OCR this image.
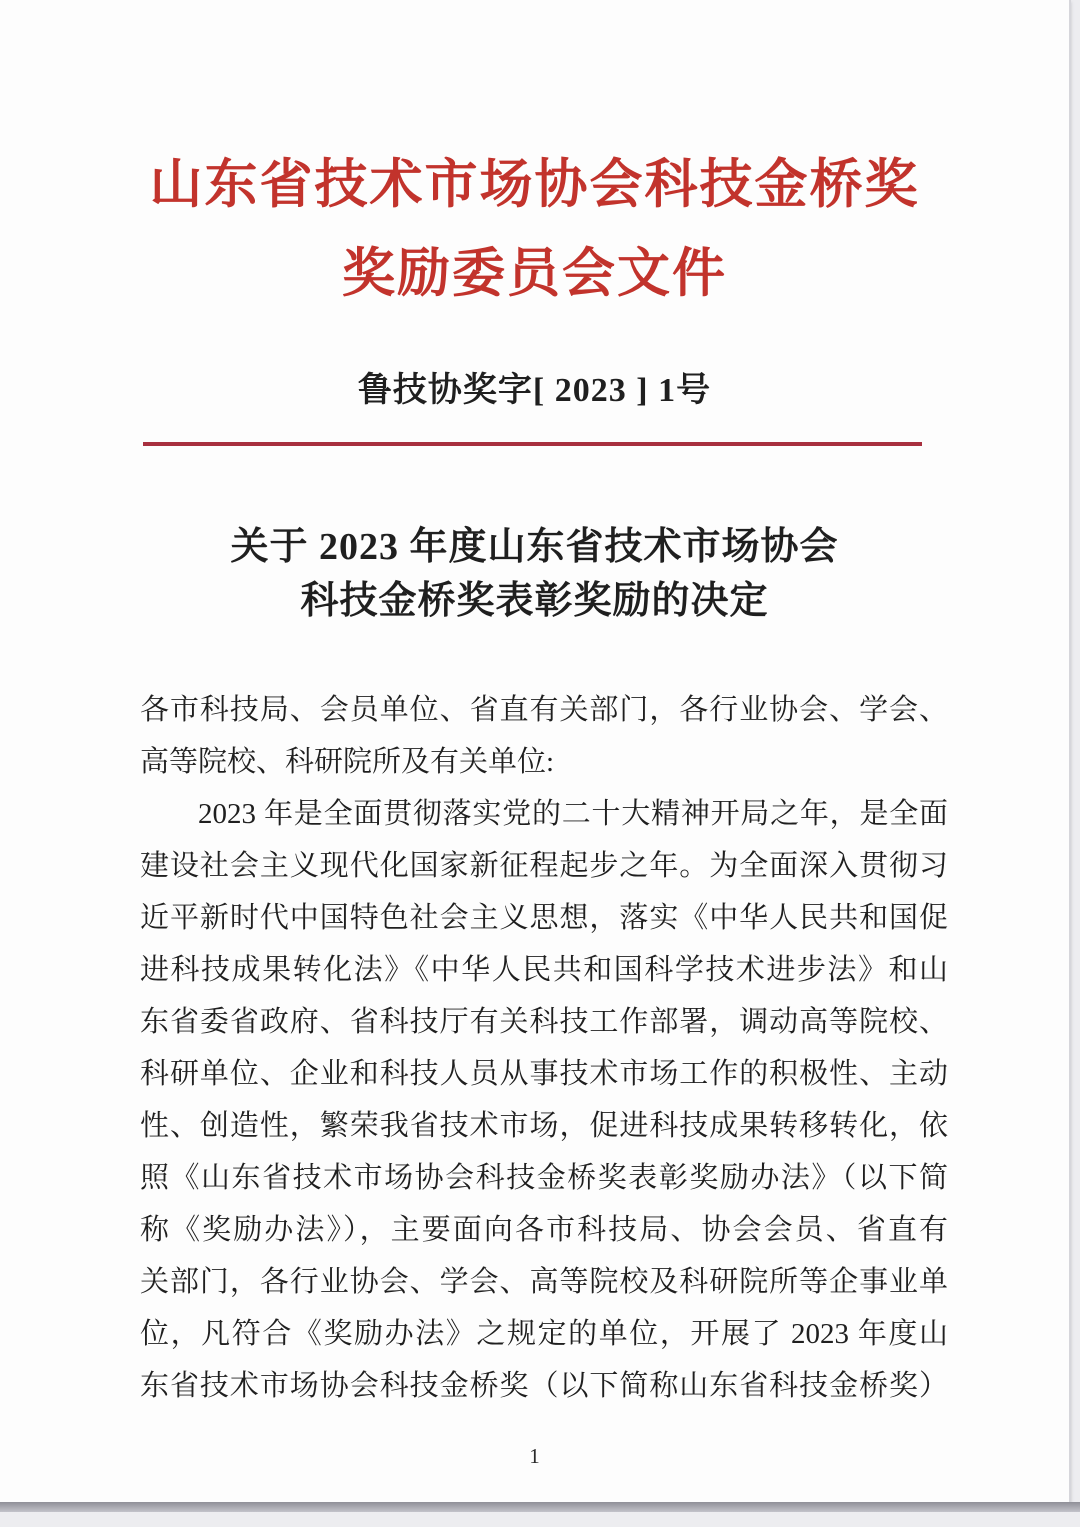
山东省技术市场协会科技金桥奖
奖励委员会文件
鲁技协奖字[ 2023 ] 1号
关于 2023 年度山东省技术市场协会
科技金桥奖表彰奖励的决定
各市科技局、会员单位、省直有关部门，各行业协会、学会、
高等院校、科研院所及有关单位:
2023 年是全面贯彻落实党的二十大精神开局之年，是全面
建设社会主义现代化国家新征程起步之年。为全面深入贯彻习
近平新时代中国特色社会主义思想，落实《中华人民共和国促
进科技成果转化法》《中华人民共和国科学技术进步法》和山
东省委省政府、省科技厅有关科技工作部署，调动高等院校、
科研单位、企业和科技人员从事技术市场工作的积极性、主动
性、创造性，繁荣我省技术市场，促进科技成果转移转化，依
照《山东省技术市场协会科技金桥奖表彰奖励办法》（以下简
称《奖励办法》），主要面向各市科技局、协会会员、省直有
关部门，各行业协会、学会、高等院校及科研院所等企事业单
位，凡符合《奖励办法》之规定的单位，开展了 2023 年度山
东省技术市场协会科技金桥奖（以下简称山东省科技金桥奖）
1
